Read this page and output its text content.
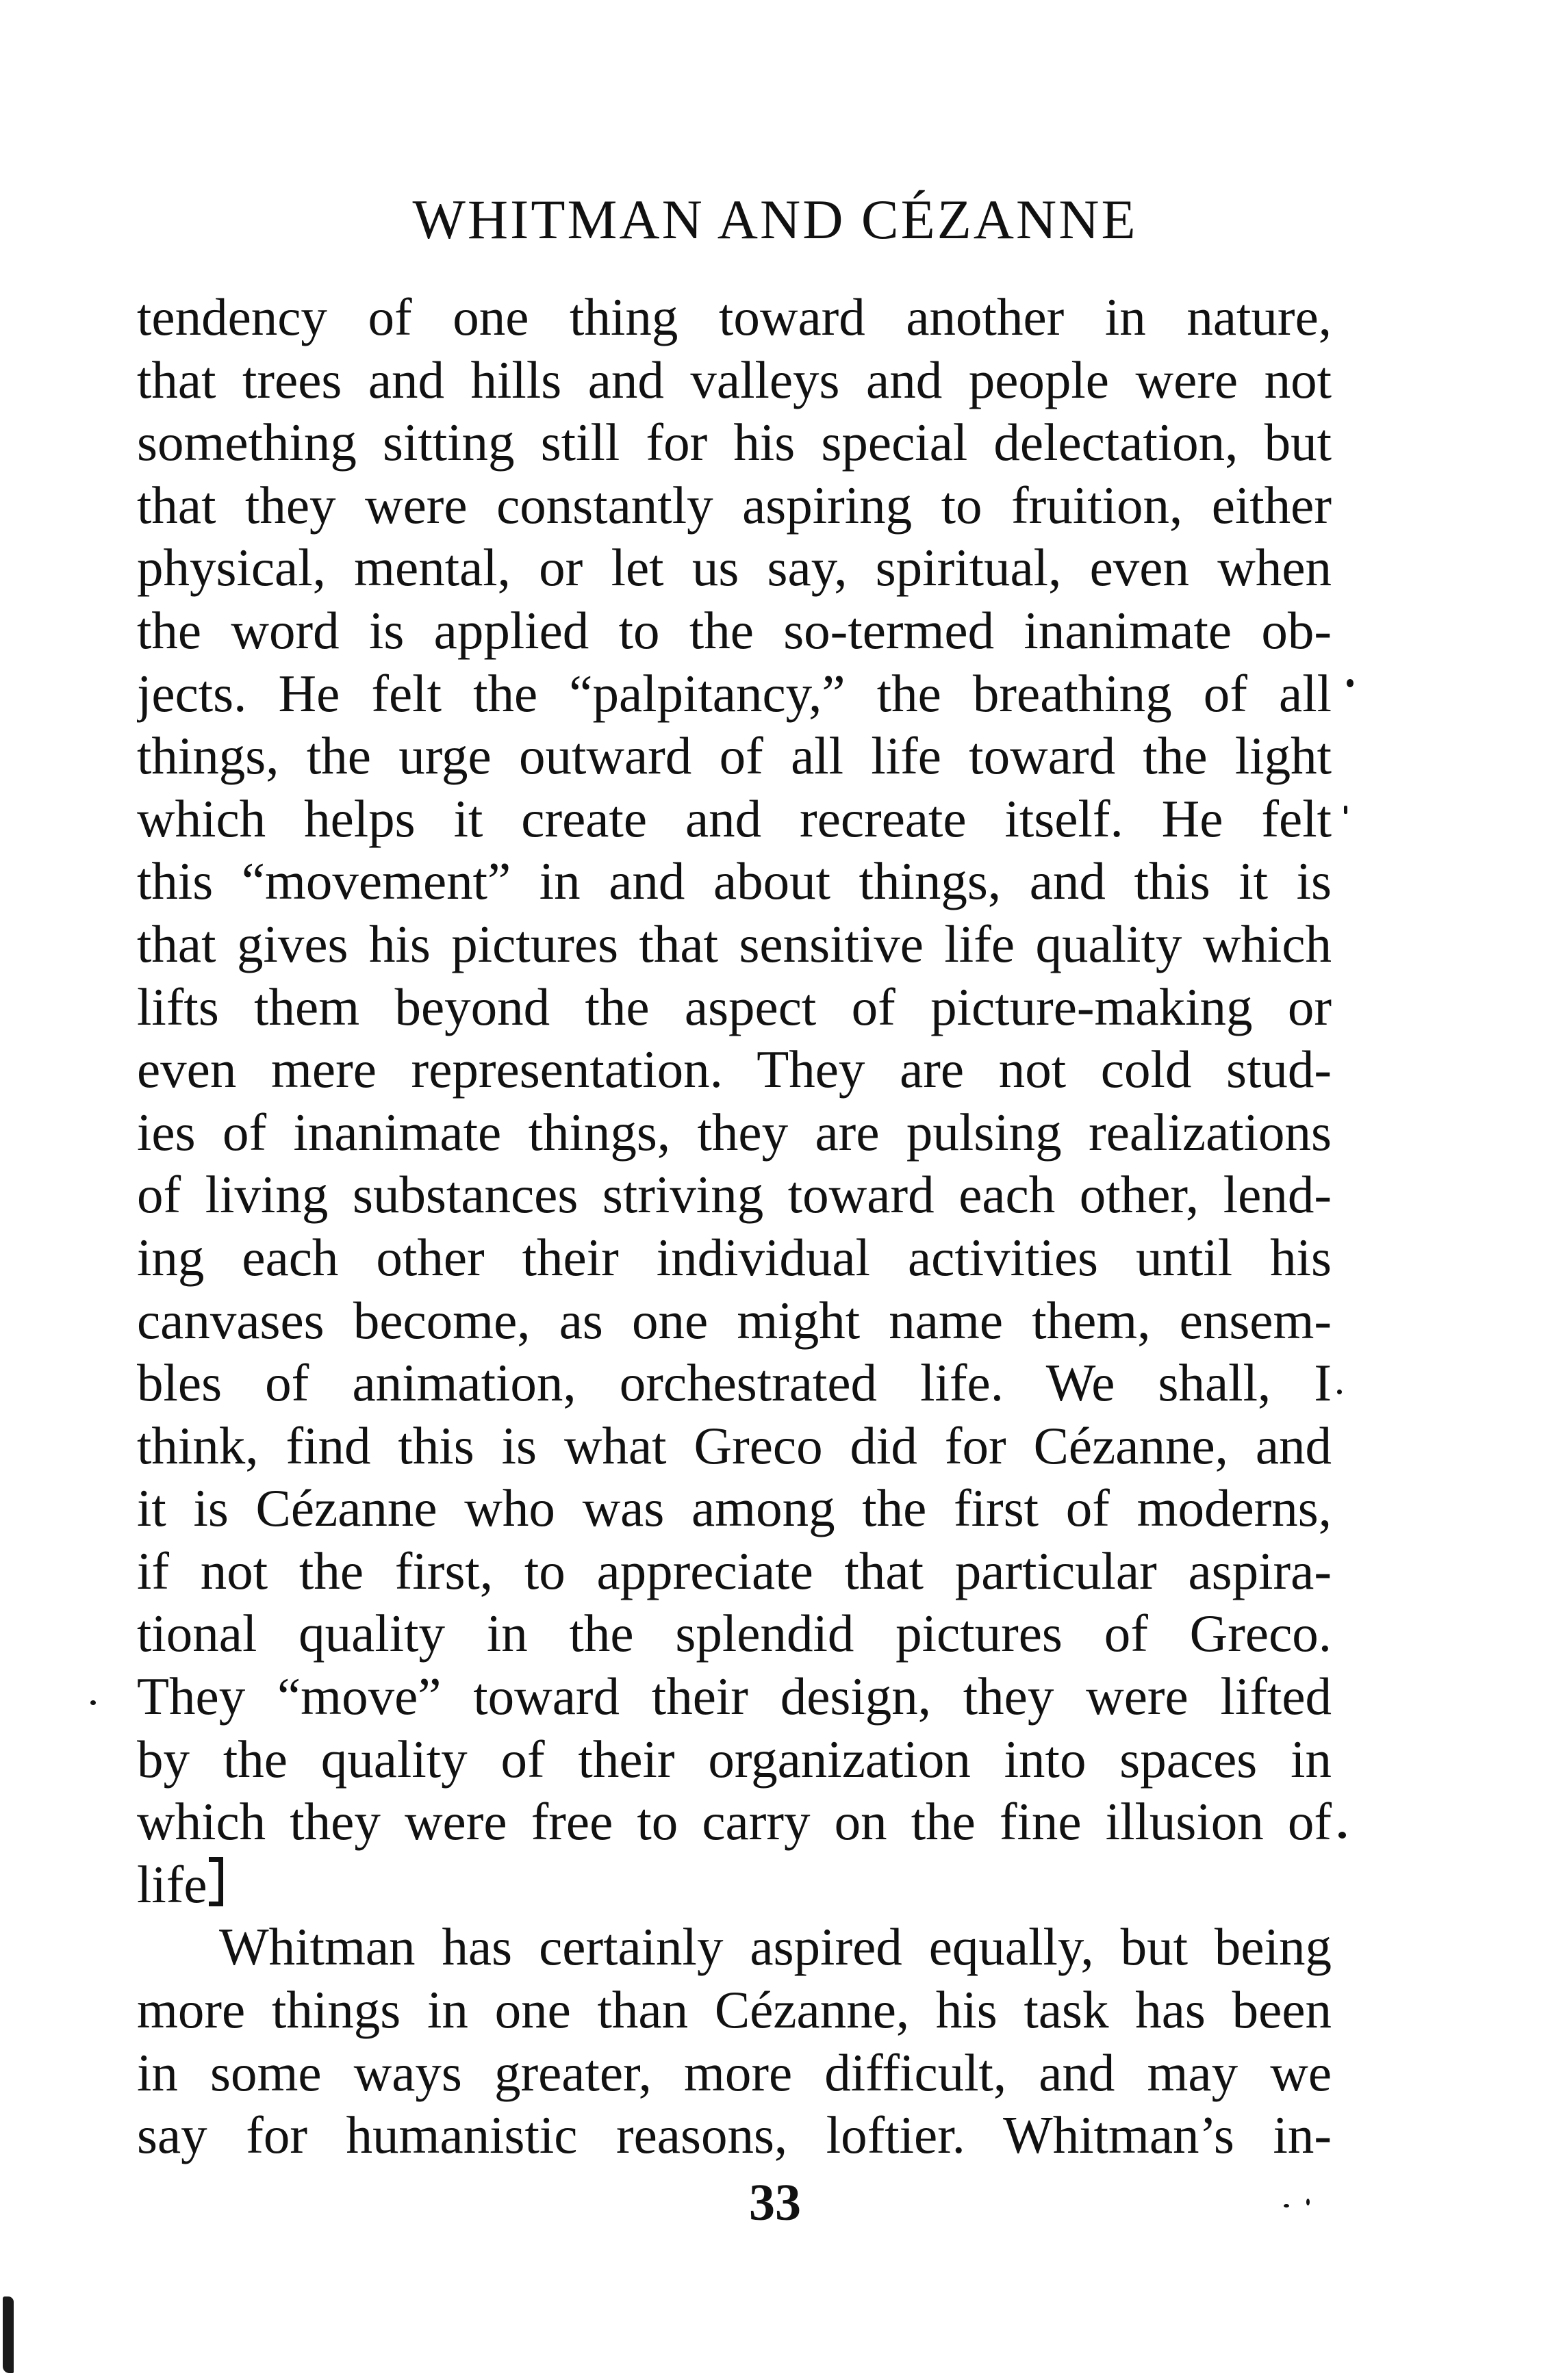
WHITMAN AND CÉZANNE
tendency of one thing toward another in nature,
that trees and hills and valleys and people were not
something sitting still for his special delectation, but
that they were constantly aspiring to fruition, either
physical, mental, or let us say, spiritual, even when
the word is applied to the so-termed inanimate ob-
jects. He felt the “palpitancy,” the breathing of all
things, the urge outward of all life toward the light
which helps it create and recreate itself. He felt
this “movement” in and about things, and this it is
that gives his pictures that sensitive life quality which
lifts them beyond the aspect of picture-making or
even mere representation. They are not cold stud-
ies of inanimate things, they are pulsing realizations
of living substances striving toward each other, lend-
ing each other their individual activities until his
canvases become, as one might name them, ensem-
bles of animation, orchestrated life. We shall, I
think, find this is what Greco did for Cézanne, and
it is Cézanne who was among the first of moderns,
if not the first, to appreciate that particular aspira-
tional quality in the splendid pictures of Greco.
They “move” toward their design, they were lifted
by the quality of their organization into spaces in
which they were free to carry on the fine illusion of
life
Whitman has certainly aspired equally, but being
more things in one than Cézanne, his task has been
in some ways greater, more difficult, and may we
say for humanistic reasons, loftier. Whitman’s in-
33
